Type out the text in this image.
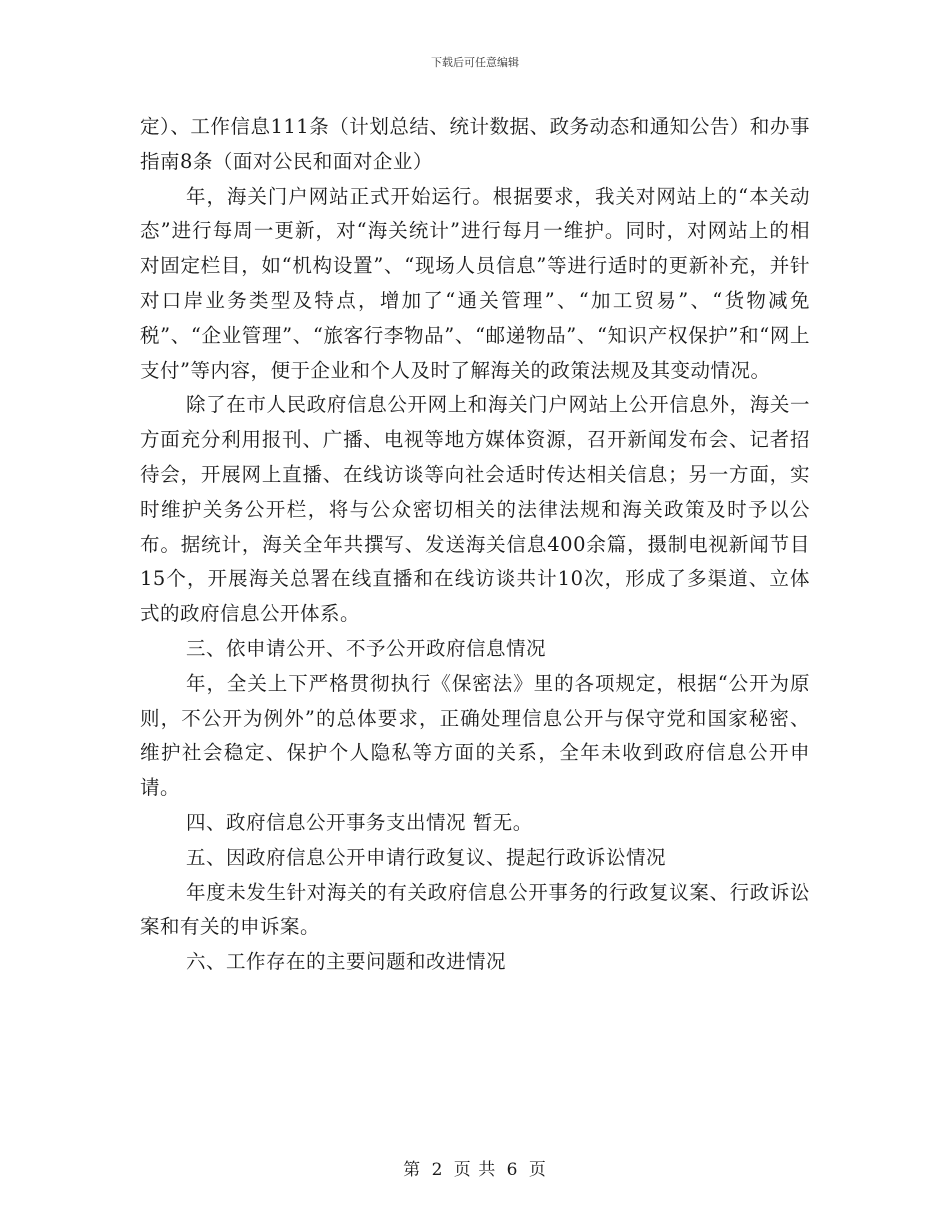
下载后可任意编辑

定）、工作信息111条（计划总结、统计数据、政务动态和通知公告）和办事指南8条（面对公民和面对企业）

年，海关门户网站正式开始运行。根据要求，我关对网站上的“本关动态”进行每周一更新，对“海关统计”进行每月一维护。同时，对网站上的相对固定栏目，如“机构设置”、“现场人员信息”等进行适时的更新补充，并针对口岸业务类型及特点，增加了“通关管理”、“加工贸易”、“货物减免税”、“企业管理”、“旅客行李物品”、“邮递物品”、“知识产权保护”和“网上支付”等内容，便于企业和个人及时了解海关的政策法规及其变动情况。

除了在市人民政府信息公开网上和海关门户网站上公开信息外，海关一方面充分利用报刊、广播、电视等地方媒体资源，召开新闻发布会、记者招待会，开展网上直播、在线访谈等向社会适时传达相关信息；另一方面，实时维护关务公开栏，将与公众密切相关的法律法规和海关政策及时予以公布。据统计，海关全年共撰写、发送海关信息400余篇，摄制电视新闻节目15个，开展海关总署在线直播和在线访谈共计10次，形成了多渠道、立体式的政府信息公开体系。

三、依申请公开、不予公开政府信息情况

年，全关上下严格贯彻执行《保密法》里的各项规定，根据“公开为原则，不公开为例外”的总体要求，正确处理信息公开与保守党和国家秘密、维护社会稳定、保护个人隐私等方面的关系，全年未收到政府信息公开申请。

四、政府信息公开事务支出情况 暂无。

五、因政府信息公开申请行政复议、提起行政诉讼情况

年度未发生针对海关的有关政府信息公开事务的行政复议案、行政诉讼案和有关的申诉案。

六、工作存在的主要问题和改进情况

第 2 页 共 6 页
